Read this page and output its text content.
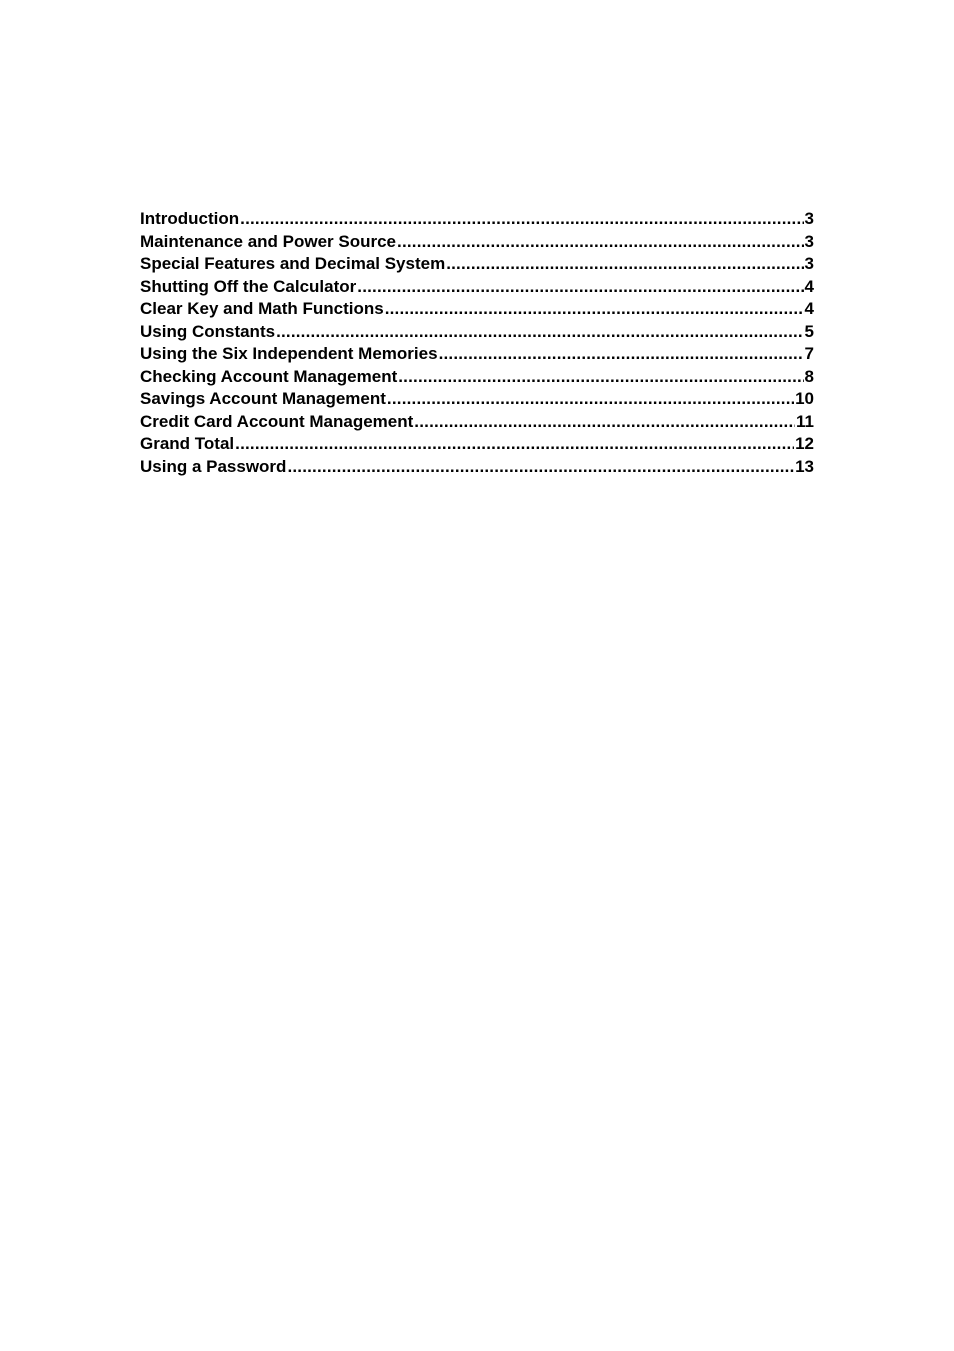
Introduction .....	3
Maintenance and Power Source .....	3
Special Features and Decimal System .....	3
Shutting Off the Calculator .....	4
Clear Key and Math Functions .....	4
Using Constants .....	5
Using the Six Independent Memories .....	7
Checking Account Management .....	8
Savings Account Management .....	10
Credit Card Account Management .....	11
Grand Total .....	12
Using a Password .....	13
